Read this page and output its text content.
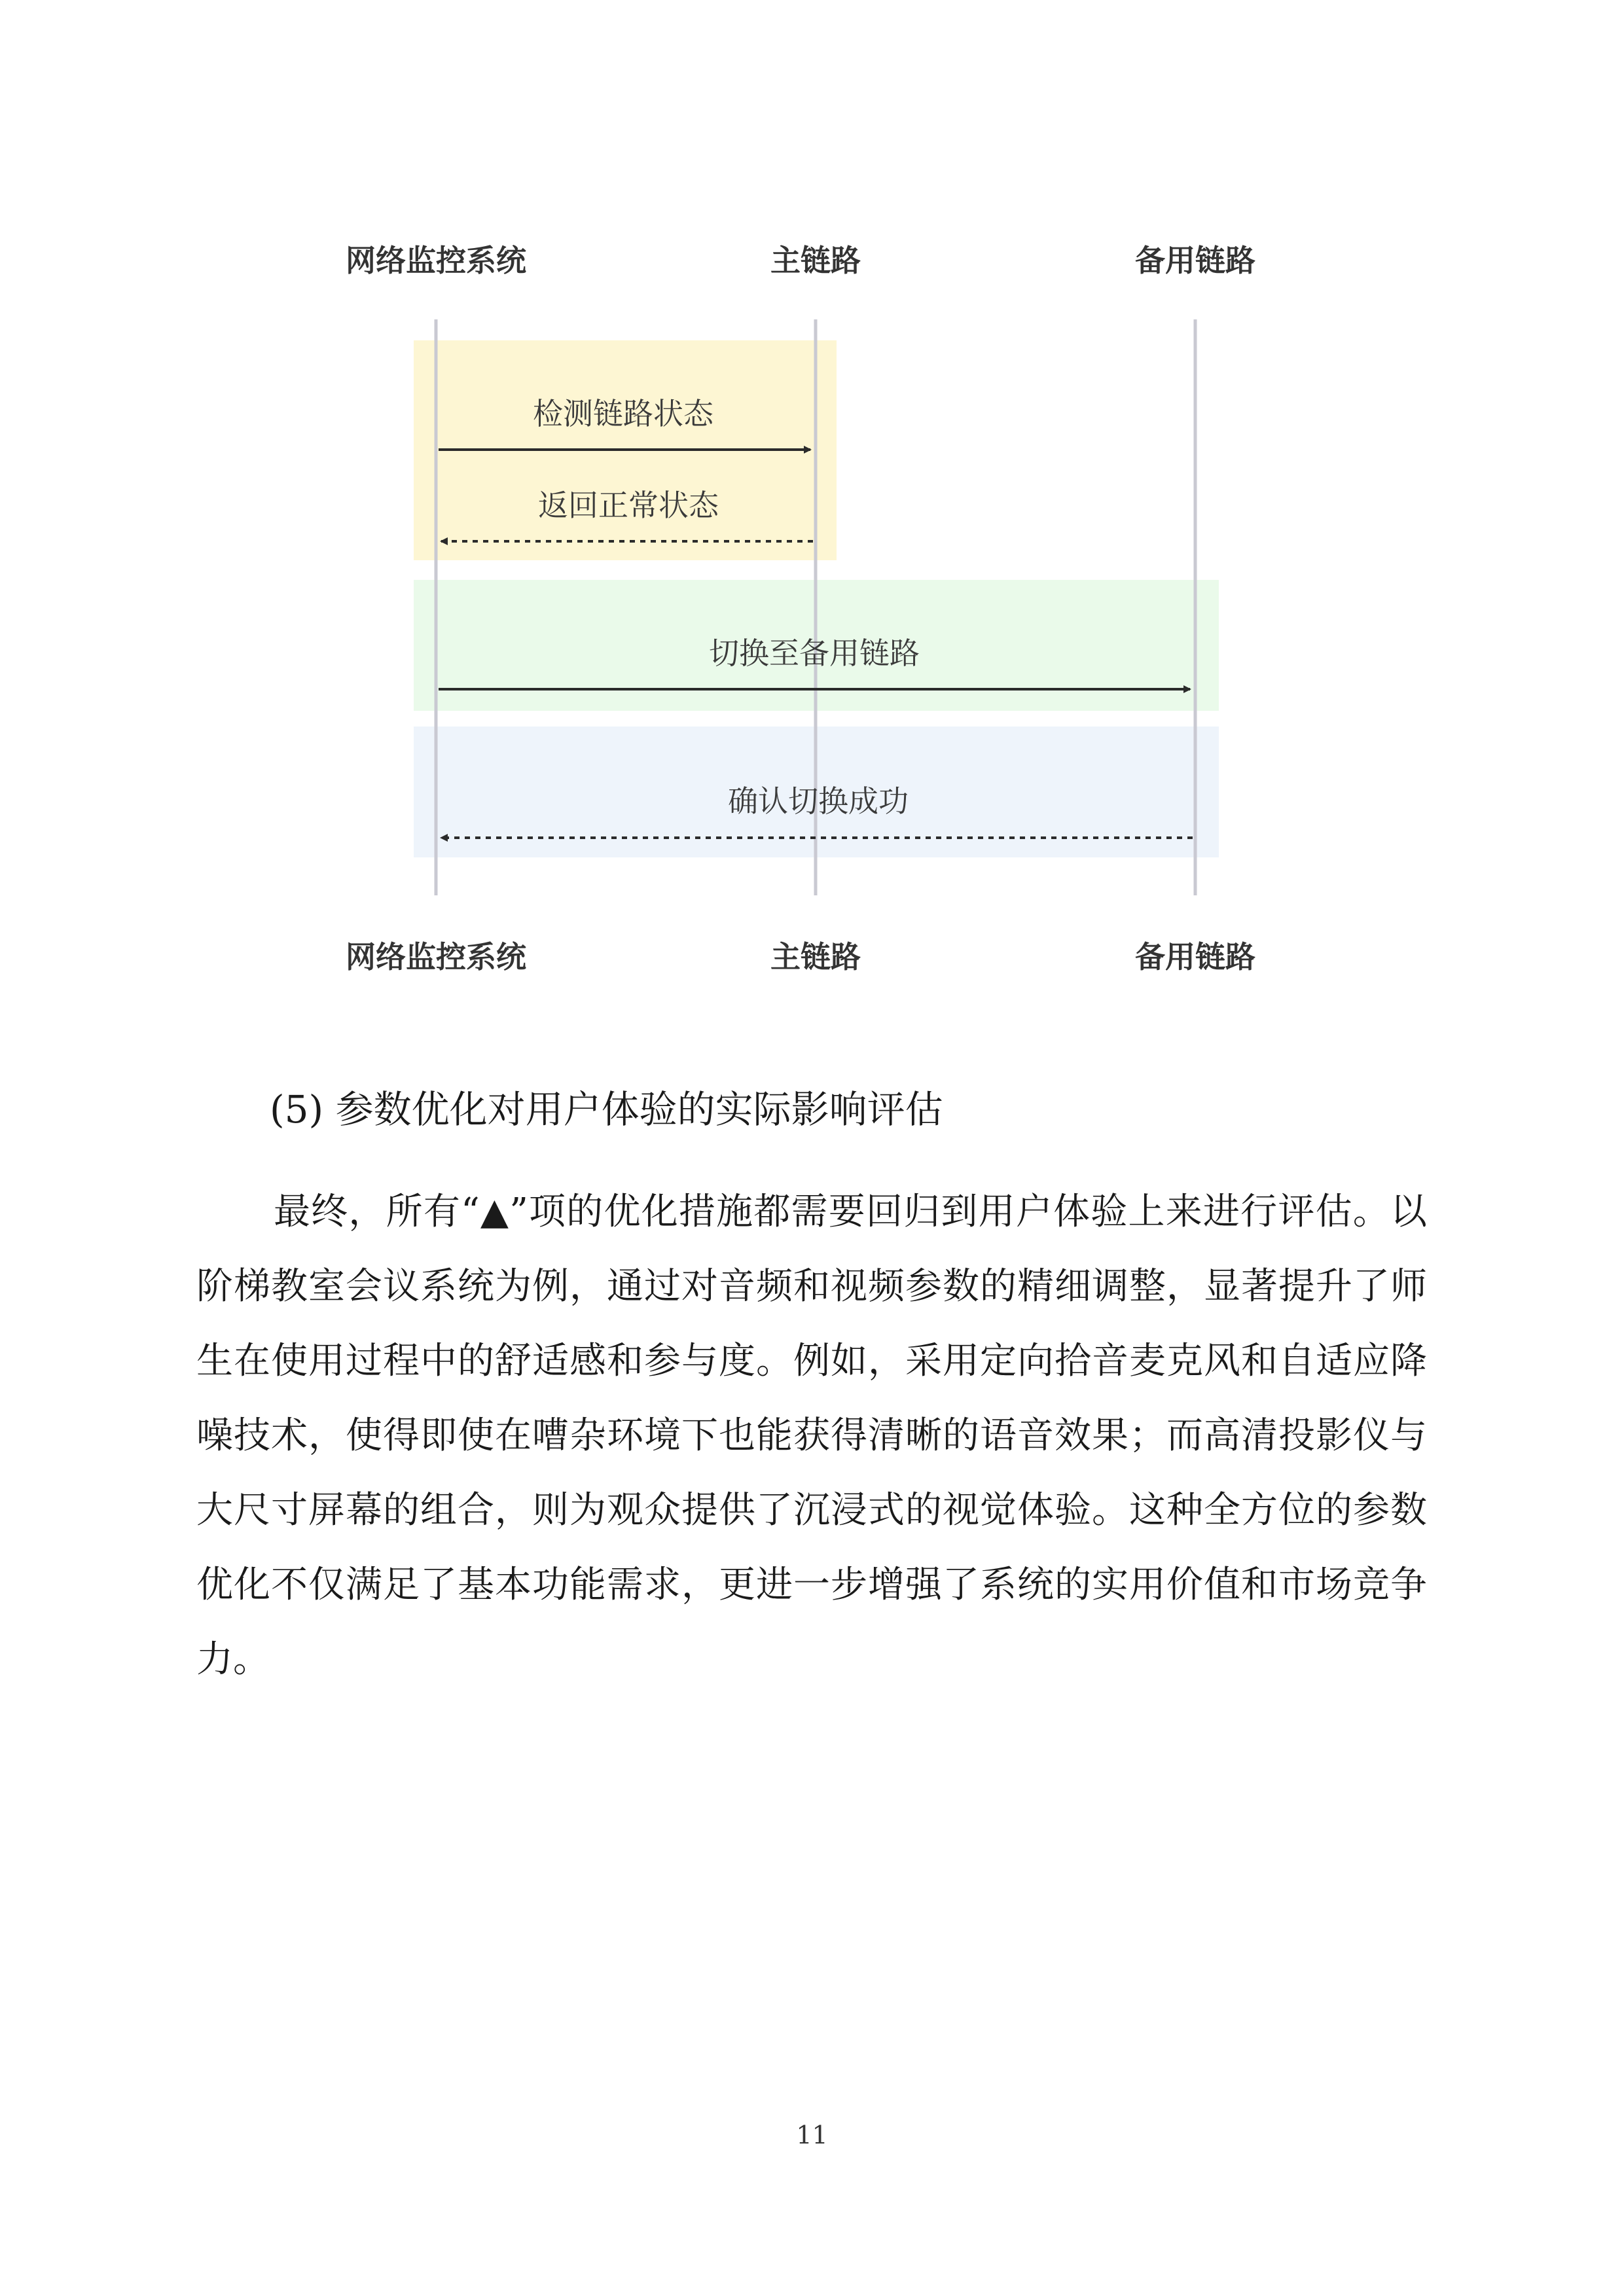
网络监控系统	主链路	备用链路
检测链路状态
返回正常状态
切换至备用链路
确认切换成功
网络监控系统	主链路	备用链路
(5) 参数优化对用户体验的实际影响评估

最终，所有“▲”项的优化措施都需要回归到用户体验上来进行评估。以阶梯教室会议系统为例，通过对音频和视频参数的精细调整，显著提升了师生在使用过程中的舒适感和参与度。例如，采用定向拾音麦克风和自适应降噪技术，使得即使在嘈杂环境下也能获得清晰的语音效果；而高清投影仪与大尺寸屏幕的组合，则为观众提供了沉浸式的视觉体验。这种全方位的参数优化不仅满足了基本功能需求，更进一步增强了系统的实用价值和市场竞争力。

11
